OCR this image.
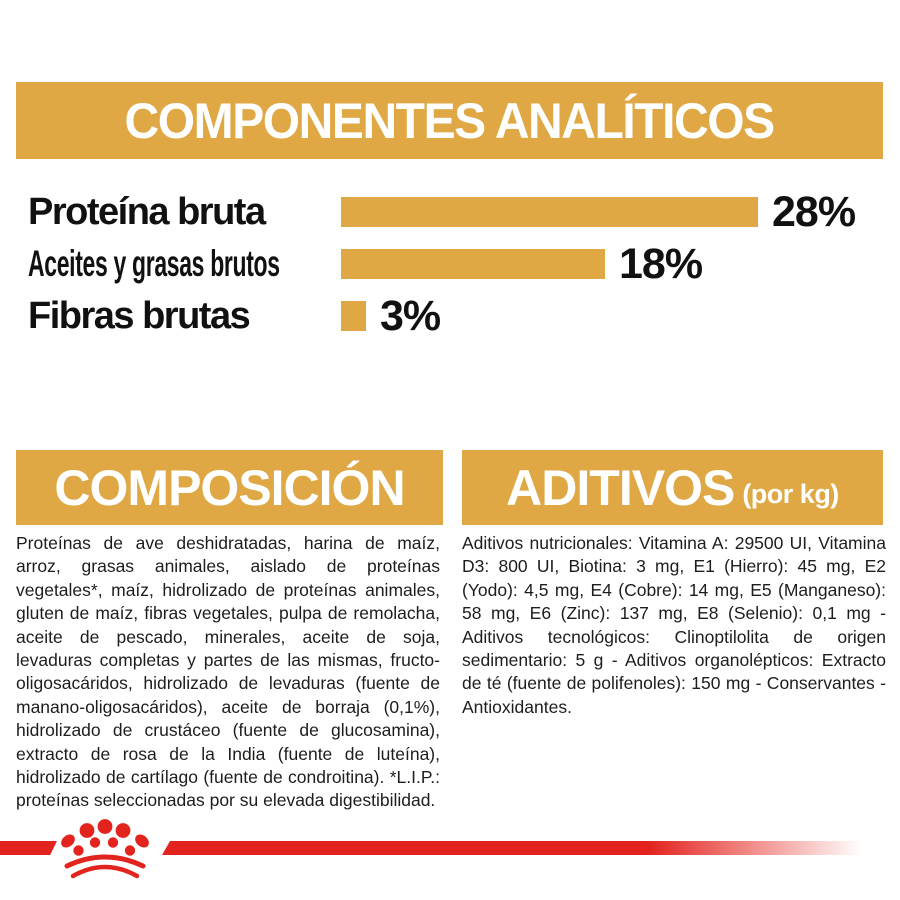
COMPONENTES ANALÍTICOS
Proteína bruta	28%
Aceites y grasas brutos	18%
Fibras brutas	3%
COMPOSICIÓN

Proteínas de ave deshidratadas, harina de maíz, arroz, grasas animales, aislado de proteínas vegetales*, maíz, hidrolizado de proteínas animales, gluten de maíz, fibras vegetales, pulpa de remolacha, aceite de pescado, minerales, aceite de soja, levaduras completas y partes de las mismas, fructo-oligosacáridos, hidrolizado de levaduras (fuente de manano-oligosacáridos), aceite de borraja (0,1%), hidrolizado de crustáceo (fuente de glucosamina), extracto de rosa de la India (fuente de luteína), hidrolizado de cartílago (fuente de condroitina). *L.I.P.: proteínas seleccionadas por su elevada digestibilidad.

ADITIVOS (por kg)

Aditivos nutricionales: Vitamina A: 29500 UI, Vitamina D3: 800 UI, Biotina: 3 mg, E1 (Hierro): 45 mg, E2 (Yodo): 4,5 mg, E4 (Cobre): 14 mg, E5 (Manganeso): 58 mg, E6 (Zinc): 137 mg, E8 (Selenio): 0,1 mg - Aditivos tecnológicos: Clinoptilolita de origen sedimentario: 5 g - Aditivos organolépticos: Extracto de té (fuente de polifenoles): 150 mg - Conservantes - Antioxidantes.
